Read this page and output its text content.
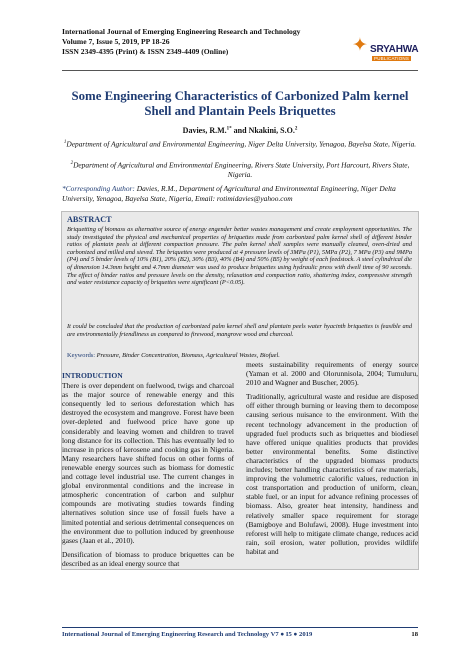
International Journal of Emerging Engineering Research and Technology
Volume 7, Issue 5, 2019, PP 18-26
ISSN 2349-4395 (Print) & ISSN 2349-4409 (Online)	✦ SRYAHWA
PUBLICATIONS
Some Engineering Characteristics of Carbonized Palm kernel Shell and Plantain Peels Briquettes
Davies, R.M.$^{1*}$ and Nkakini, S.O.$^2$
$^1$Department of Agricultural and Environmental Engineering, Niger Delta University, Yenagoa, Bayelsa State, Nigeria.
$^2$Department of Agricultural and Environmental Engineering, Rivers State University, Port Harcourt, Rivers State, Nigeria.
*Corresponding Author: Davies, R.M., Department of Agricultural and Environmental Engineering, Niger Delta University, Yenagoa, Bayelsa State, Nigeria, Email: rotimidavies@yahoo.com
ABSTRACT
Briquetting of biomass as alternative source of energy engender better wastes management and create employment opportunities. The study investigated the physical and mechanical properties of briquettes made from carbonized palm kernel shell of different binder ratios of plantain peels at different compaction pressure. The palm kernel shell samples were manually cleaned, oven-dried and carbonized and milled and sieved. The briquettes were produced at 4 pressure levels of 3MPa (P1), 5MPa (P2), 7 MPa (P3) and 9MPa (P4) and 5 binder levels of 10% (B1), 20% (B2), 30% (B3), 40% (B4) and 50% (B5) by weight of each feedstock. A steel cylindrical die of dimension 14.3mm height and 4.7mm diameter was used to produce briquettes using hydraulic press with dwell time of 90 seconds. The effect of binder ratios and pressure levels on the density, relaxation and compaction ratio, shattering index, compressive strength and water resistance capacity of briquettes were significant (P<0.05).
It could be concluded that the production of carbonized palm kernel shell and plantain peels water hyacinth briquettes is feasible and are environmentally friendliness as compared to firewood, mangrove wood and charcoal.
Keywords: Pressure, Binder Concentration, Biomass, Agricultural Wastes, Biofuel.
INTRODUCTION

There is over dependent on fuelwood, twigs and charcoal as the major source of renewable energy and this consequently led to serious deforestation which has destroyed the ecosystem and mangrove. Forest have been over-depleted and fuelwood price have gone up considerably and leaving women and children to travel long distance for its collection. This has eventually led to increase in prices of kerosene and cooking gas in Nigeria. Many researchers have shifted focus on other forms of renewable energy sources such as biomass for domestic and cottage level industrial use. The current changes in global environmental conditions and the increase in atmospheric concentration of carbon and sulphur compounds are motivating studies towards finding alternatives solution since use of fossil fuels have a limited potential and serious detrimental consequences on the environment due to pollution induced by greenhouse gases (Jaan et al., 2010).

Densification of biomass to produce briquettes can be described as an ideal energy source that

meets sustainability requirements of energy source (Yaman et al. 2000 and Olorunnisola, 2004; Tumuluru, 2010 and Wagner and Buscher, 2005).

Traditionally, agricultural waste and residue are disposed off either through burning or leaving them to decompose causing serious nuisance to the environment. With the recent technology advancement in the production of upgraded fuel products such as briquettes and biodiesel have offered unique qualities products that provides better environmental benefits. Some distinctive characteristics of the upgraded biomass products includes; better handling characteristics of raw materials, improving the volumetric calorific values, reduction in cost transportation and production of uniform, clean, stable fuel, or an input for advance refining processes of biomass. Also, greater heat intensity, handiness and relatively smaller space requirement for storage (Bamigboye and Bolufawi, 2008). Huge investment into reforest will help to mitigate climate change, reduces acid rain, soil erosion, water pollution, provides wildlife habitat and

International Journal of Emerging Engineering Research and Technology V7 ● I5 ● 2019	18
